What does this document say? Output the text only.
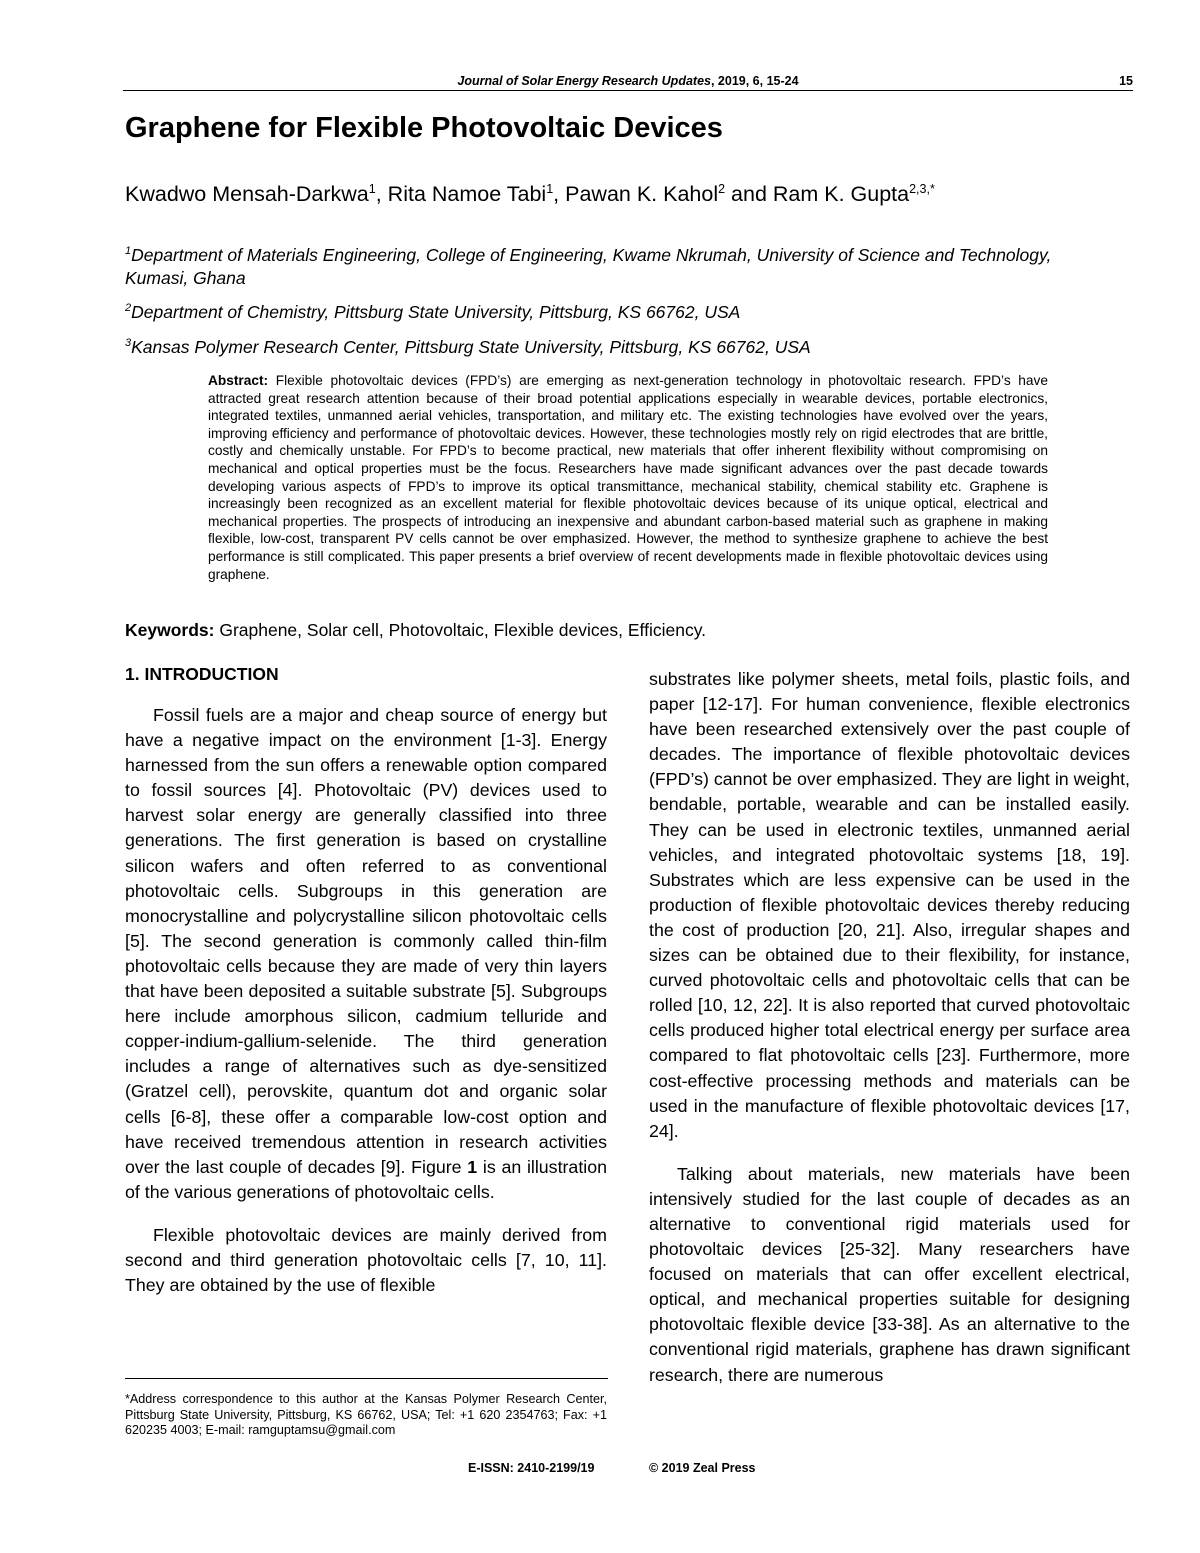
Journal of Solar Energy Research Updates, 2019, 6, 15-24	15
Graphene for Flexible Photovoltaic Devices
Kwadwo Mensah-Darkwa$^1$, Rita Namoe Tabi$^1$, Pawan K. Kahol$^2$ and Ram K. Gupta$^{2,3,*}$
$^1$Department of Materials Engineering, College of Engineering, Kwame Nkrumah, University of Science and Technology, Kumasi, Ghana
$^2$Department of Chemistry, Pittsburg State University, Pittsburg, KS 66762, USA
$^3$Kansas Polymer Research Center, Pittsburg State University, Pittsburg, KS 66762, USA
Abstract: Flexible photovoltaic devices (FPD’s) are emerging as next-generation technology in photovoltaic research. FPD’s have attracted great research attention because of their broad potential applications especially in wearable devices, portable electronics, integrated textiles, unmanned aerial vehicles, transportation, and military etc. The existing technologies have evolved over the years, improving efficiency and performance of photovoltaic devices. However, these technologies mostly rely on rigid electrodes that are brittle, costly and chemically unstable. For FPD’s to become practical, new materials that offer inherent flexibility without compromising on mechanical and optical properties must be the focus. Researchers have made significant advances over the past decade towards developing various aspects of FPD’s to improve its optical transmittance, mechanical stability, chemical stability etc. Graphene is increasingly been recognized as an excellent material for flexible photovoltaic devices because of its unique optical, electrical and mechanical properties. The prospects of introducing an inexpensive and abundant carbon-based material such as graphene in making flexible, low-cost, transparent PV cells cannot be over emphasized. However, the method to synthesize graphene to achieve the best performance is still complicated. This paper presents a brief overview of recent developments made in flexible photovoltaic devices using graphene.
Keywords: Graphene, Solar cell, Photovoltaic, Flexible devices, Efficiency.

1. INTRODUCTION

Fossil fuels are a major and cheap source of energy but have a negative impact on the environment [1-3]. Energy harnessed from the sun offers a renewable option compared to fossil sources [4]. Photovoltaic (PV) devices used to harvest solar energy are generally classified into three generations. The first generation is based on crystalline silicon wafers and often referred to as conventional photovoltaic cells. Subgroups in this generation are monocrystalline and polycrystalline silicon photovoltaic cells [5]. The second generation is commonly called thin-film photovoltaic cells because they are made of very thin layers that have been deposited a suitable substrate [5]. Subgroups here include amorphous silicon, cadmium telluride and copper-indium-gallium-selenide. The third generation includes a range of alternatives such as dye-sensitized (Gratzel cell), perovskite, quantum dot and organic solar cells [6-8], these offer a comparable low-cost option and have received tremendous attention in research activities over the last couple of decades [9]. Figure 1 is an illustration of the various generations of photovoltaic cells.

Flexible photovoltaic devices are mainly derived from second and third generation photovoltaic cells [7, 10, 11]. They are obtained by the use of flexible

substrates like polymer sheets, metal foils, plastic foils, and paper [12-17]. For human convenience, flexible electronics have been researched extensively over the past couple of decades. The importance of flexible photovoltaic devices (FPD’s) cannot be over emphasized. They are light in weight, bendable, portable, wearable and can be installed easily. They can be used in electronic textiles, unmanned aerial vehicles, and integrated photovoltaic systems [18, 19]. Substrates which are less expensive can be used in the production of flexible photovoltaic devices thereby reducing the cost of production [20, 21]. Also, irregular shapes and sizes can be obtained due to their flexibility, for instance, curved photovoltaic cells and photovoltaic cells that can be rolled [10, 12, 22]. It is also reported that curved photovoltaic cells produced higher total electrical energy per surface area compared to flat photovoltaic cells [23]. Furthermore, more cost-effective processing methods and materials can be used in the manufacture of flexible photovoltaic devices [17, 24].

Talking about materials, new materials have been intensively studied for the last couple of decades as an alternative to conventional rigid materials used for photovoltaic devices [25-32]. Many researchers have focused on materials that can offer excellent electrical, optical, and mechanical properties suitable for designing photovoltaic flexible device [33-38]. As an alternative to the conventional rigid materials, graphene has drawn significant research, there are numerous

*Address correspondence to this author at the Kansas Polymer Research Center, Pittsburg State University, Pittsburg, KS 66762, USA; Tel: +1 620 2354763; Fax: +1 620235 4003; E-mail: ramguptamsu@gmail.com
E-ISSN: 2410-2199/19	© 2019 Zeal Press
